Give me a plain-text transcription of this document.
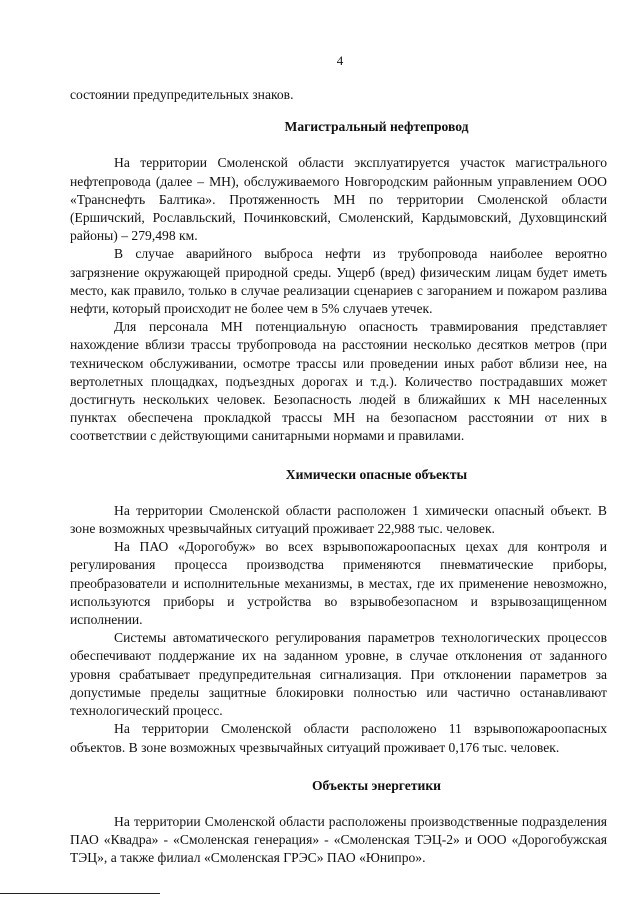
4

состоянии предупредительных знаков.

Магистральный нефтепровод

На территории Смоленской области эксплуатируется участок магистрального нефтепровода (далее – МН), обслуживаемого Новгородским районным управлением ООО «Транснефть Балтика». Протяженность МН по территории Смоленской области (Ершичский, Рославльский, Починковский, Смоленский, Кардымовский, Духовщинский районы) – 279,498 км.

В случае аварийного выброса нефти из трубопровода наиболее вероятно загрязнение окружающей природной среды. Ущерб (вред) физическим лицам будет иметь место, как правило, только в случае реализации сценариев с загоранием и пожаром разлива нефти, который происходит не более чем в 5% случаев утечек.

Для персонала МН потенциальную опасность травмирования представляет нахождение вблизи трассы трубопровода на расстоянии несколько десятков метров (при техническом обслуживании, осмотре трассы или проведении иных работ вблизи нее, на вертолетных площадках, подъездных дорогах и т.д.). Количество пострадавших может достигнуть нескольких человек. Безопасность людей в ближайших к МН населенных пунктах обеспечена прокладкой трассы МН на безопасном расстоянии от них в соответствии с действующими санитарными нормами и правилами.

Химически опасные объекты

На территории Смоленской области расположен 1 химически опасный объект. В зоне возможных чрезвычайных ситуаций проживает 22,988 тыс. человек.

На ПАО «Дорогобуж» во всех взрывопожароопасных цехах для контроля и регулирования процесса производства применяются пневматические приборы, преобразователи и исполнительные механизмы, в местах, где их применение невозможно, используются приборы и устройства во взрывобезопасном и взрывозащищенном исполнении.

Системы автоматического регулирования параметров технологических процессов обеспечивают поддержание их на заданном уровне, в случае отклонения от заданного уровня срабатывает предупредительная сигнализация. При отклонении параметров за допустимые пределы защитные блокировки полностью или частично останавливают технологический процесс.

На территории Смоленской области расположено 11 взрывопожароопасных объектов. В зоне возможных чрезвычайных ситуаций проживает 0,176 тыс. человек.

Объекты энергетики

На территории Смоленской области расположены производственные подразделения ПАО «Квадра» - «Смоленская генерация» - «Смоленская ТЭЦ-2» и ООО «Дорогобужская ТЭЦ», а также филиал «Смоленская ГРЭС» ПАО «Юнипро».
